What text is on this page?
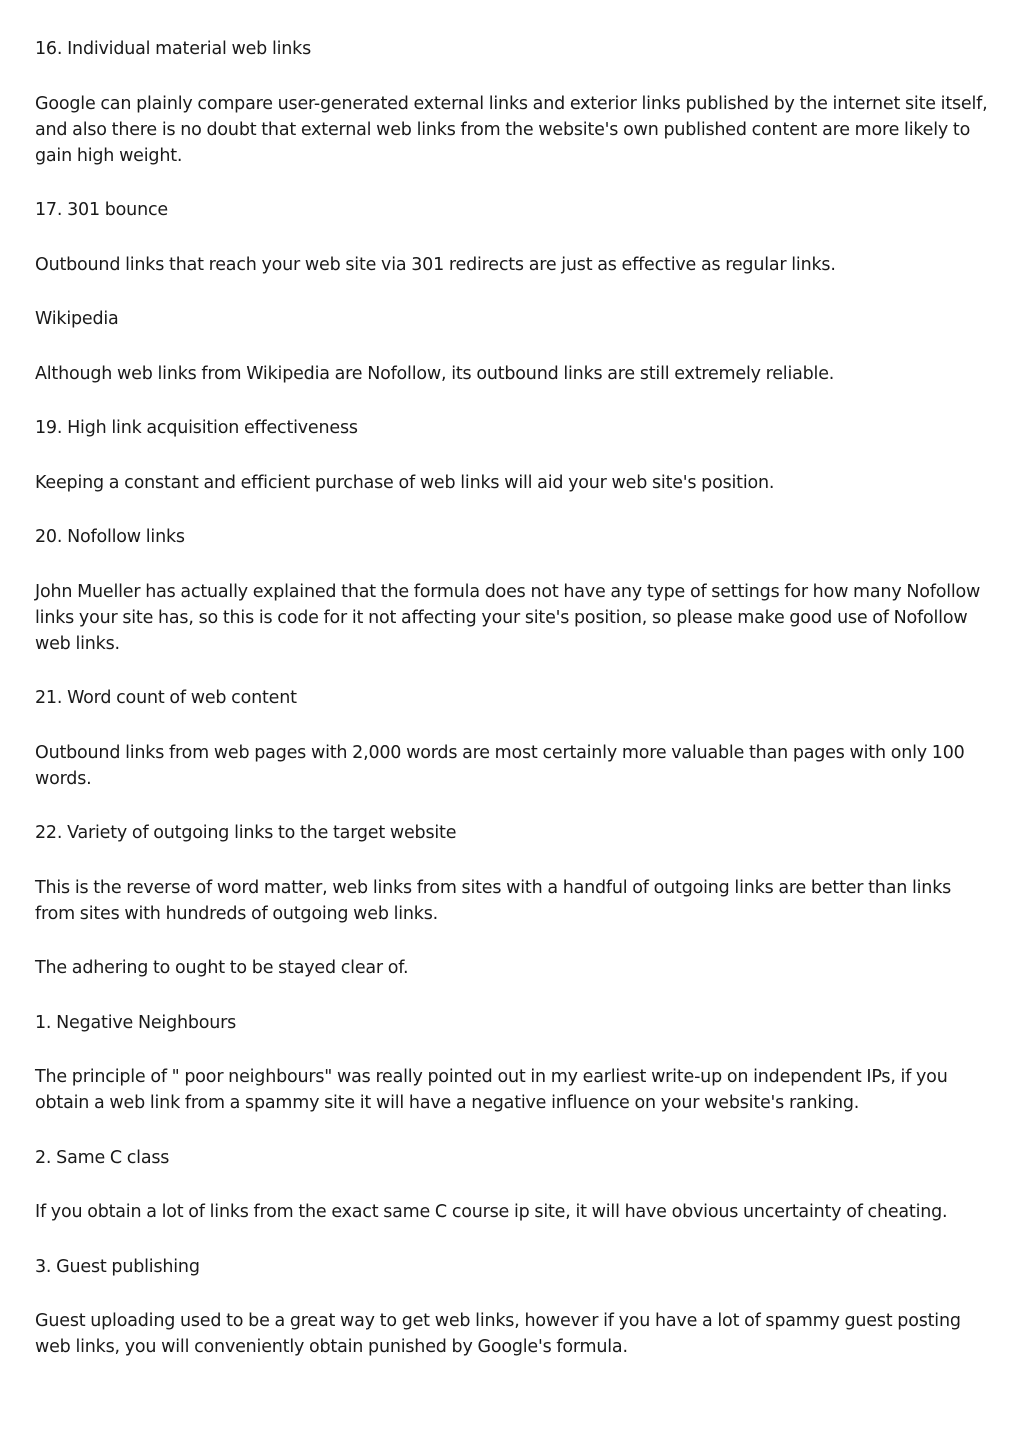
16. Individual material web links

Google can plainly compare user-generated external links and exterior links published by the internet site itself, and also there is no doubt that external web links from the website's own published content are more likely to gain high weight.

17. 301 bounce

Outbound links that reach your web site via 301 redirects are just as effective as regular links.

Wikipedia

Although web links from Wikipedia are Nofollow, its outbound links are still extremely reliable.

19. High link acquisition effectiveness

Keeping a constant and efficient purchase of web links will aid your web site's position.

20. Nofollow links

John Mueller has actually explained that the formula does not have any type of settings for how many Nofollow links your site has, so this is code for it not affecting your site's position, so please make good use of Nofollow web links.

21. Word count of web content

Outbound links from web pages with 2,000 words are most certainly more valuable than pages with only 100 words.

22. Variety of outgoing links to the target website

This is the reverse of word matter, web links from sites with a handful of outgoing links are better than links from sites with hundreds of outgoing web links.

The adhering to ought to be stayed clear of.

1. Negative Neighbours

The principle of " poor neighbours" was really pointed out in my earliest write-up on independent IPs, if you obtain a web link from a spammy site it will have a negative influence on your website's ranking.

2. Same C class

If you obtain a lot of links from the exact same C course ip site, it will have obvious uncertainty of cheating.

3. Guest publishing

Guest uploading used to be a great way to get web links, however if you have a lot of spammy guest posting web links, you will conveniently obtain punished by Google's formula.
